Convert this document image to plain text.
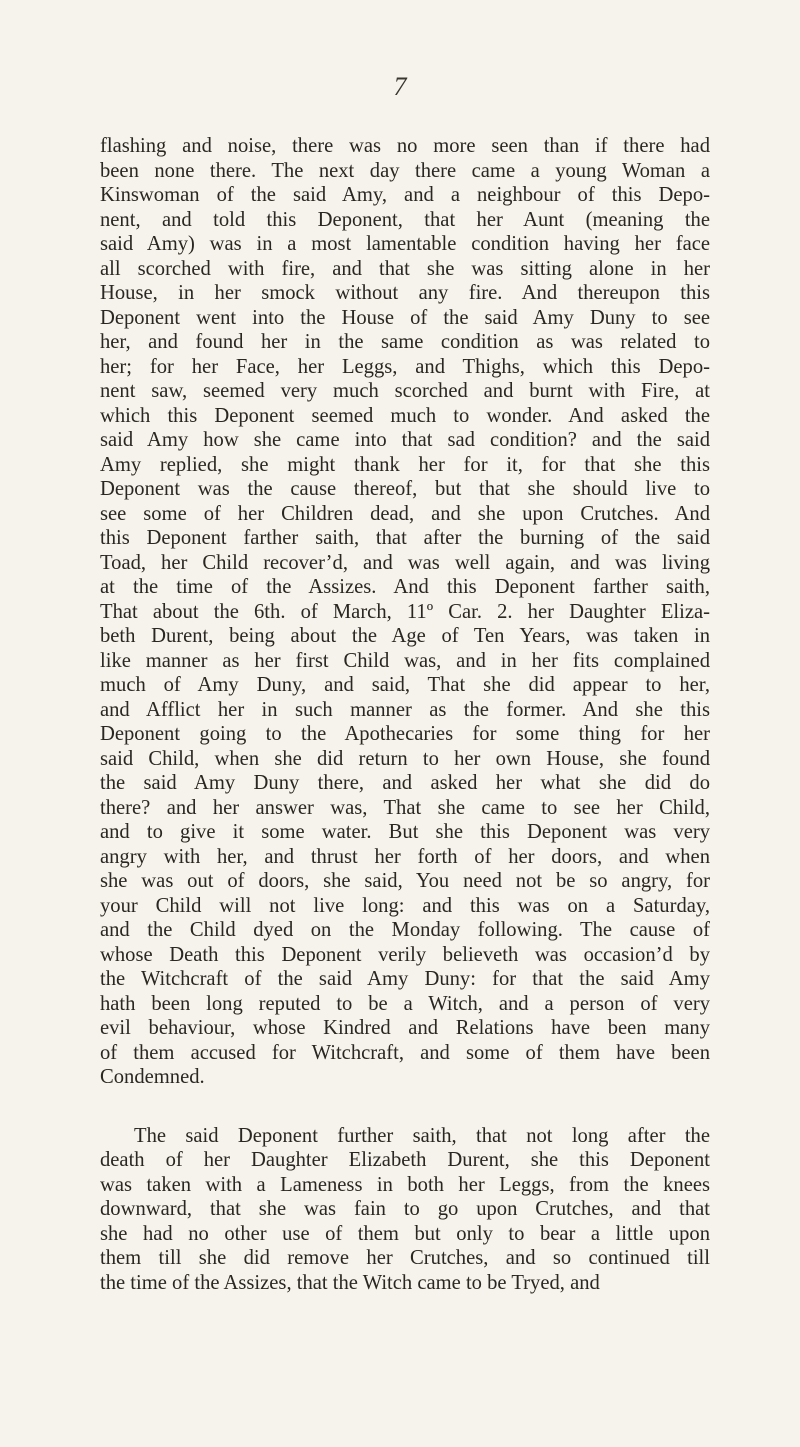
7
flashing and noise, there was no more seen than if there had
been none there. The next day there came a young Woman a
Kinswoman of the said Amy, and a neighbour of this Depo-
nent, and told this Deponent, that her Aunt (meaning the
said Amy) was in a most lamentable condition having her face
all scorched with fire, and that she was sitting alone in her
House, in her smock without any fire. And thereupon this
Deponent went into the House of the said Amy Duny to see
her, and found her in the same condition as was related to
her; for her Face, her Leggs, and Thighs, which this Depo-
nent saw, seemed very much scorched and burnt with Fire, at
which this Deponent seemed much to wonder. And asked the
said Amy how she came into that sad condition? and the said
Amy replied, she might thank her for it, for that she this
Deponent was the cause thereof, but that she should live to
see some of her Children dead, and she upon Crutches. And
this Deponent farther saith, that after the burning of the said
Toad, her Child recover’d, and was well again, and was living
at the time of the Assizes. And this Deponent farther saith,
That about the 6th. of March, 11º Car. 2. her Daughter Eliza-
beth Durent, being about the Age of Ten Years, was taken in
like manner as her first Child was, and in her fits complained
much of Amy Duny, and said, That she did appear to her,
and Afflict her in such manner as the former. And she this
Deponent going to the Apothecaries for some thing for her
said Child, when she did return to her own House, she found
the said Amy Duny there, and asked her what she did do
there? and her answer was, That she came to see her Child,
and to give it some water. But she this Deponent was very
angry with her, and thrust her forth of her doors, and when
she was out of doors, she said, You need not be so angry, for
your Child will not live long: and this was on a Saturday,
and the Child dyed on the Monday following. The cause of
whose Death this Deponent verily believeth was occasion’d by
the Witchcraft of the said Amy Duny: for that the said Amy
hath been long reputed to be a Witch, and a person of very
evil behaviour, whose Kindred and Relations have been many
of them accused for Witchcraft, and some of them have been
Condemned.
The said Deponent further saith, that not long after the
death of her Daughter Elizabeth Durent, she this Deponent
was taken with a Lameness in both her Leggs, from the knees
downward, that she was fain to go upon Crutches, and that
she had no other use of them but only to bear a little upon
them till she did remove her Crutches, and so continued till
the time of the Assizes, that the Witch came to be Tryed, and
